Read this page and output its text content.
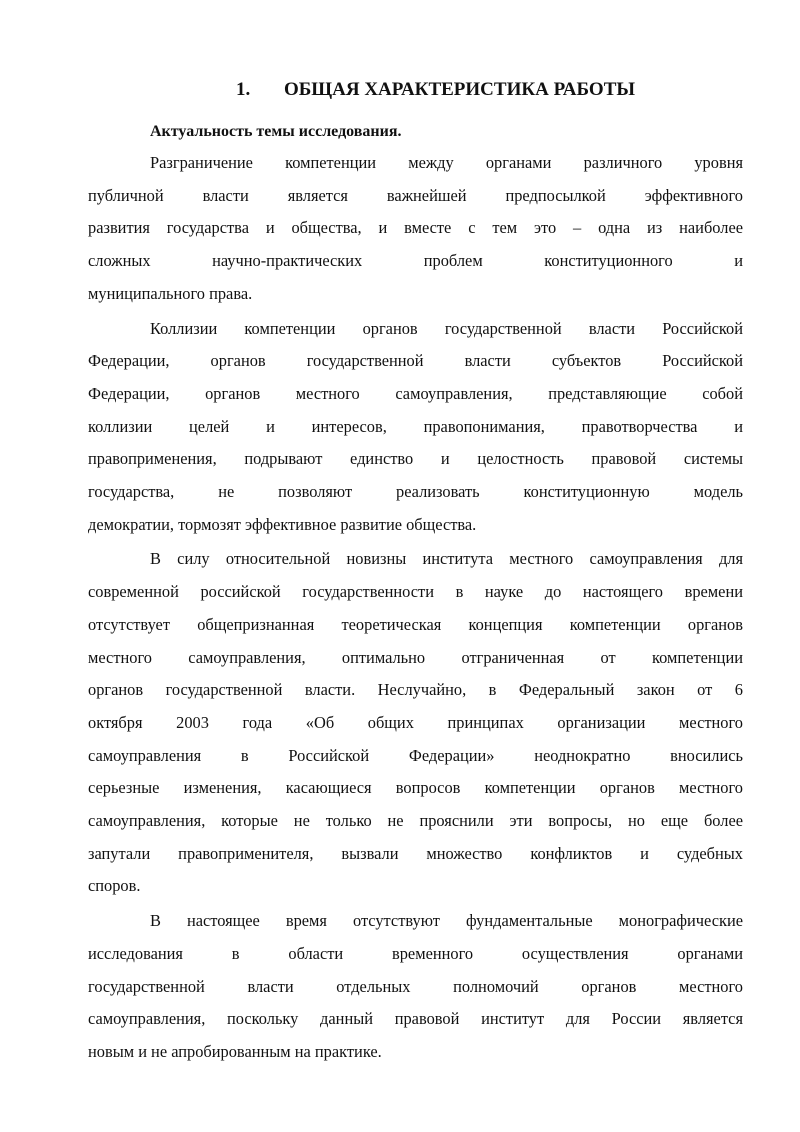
1. ОБЩАЯ ХАРАКТЕРИСТИКА РАБОТЫ

Актуальность темы исследования.

Разграничение компетенции между органами различного уровня
публичной власти является важнейшей предпосылкой эффективного
развития государства и общества, и вместе с тем это – одна из наиболее
сложных научно-практических проблем конституционного и
муниципального права.
Коллизии компетенции органов государственной власти Российской
Федерации, органов государственной власти субъектов Российской
Федерации, органов местного самоуправления, представляющие собой
коллизии целей и интересов, правопонимания, правотворчества и
правоприменения, подрывают единство и целостность правовой системы
государства, не позволяют реализовать конституционную модель
демократии, тормозят эффективное развитие общества.
В силу относительной новизны института местного самоуправления для
современной российской государственности в науке до настоящего времени
отсутствует общепризнанная теоретическая концепция компетенции органов
местного самоуправления, оптимально отграниченная от компетенции
органов государственной власти. Неслучайно, в Федеральный закон от 6
октября 2003 года «Об общих принципах организации местного
самоуправления в Российской Федерации» неоднократно вносились
серьезные изменения, касающиеся вопросов компетенции органов местного
самоуправления, которые не только не прояснили эти вопросы, но еще более
запутали правоприменителя, вызвали множество конфликтов и судебных
споров.
В настоящее время отсутствуют фундаментальные монографические
исследования в области временного осуществления органами
государственной власти отдельных полномочий органов местного
самоуправления, поскольку данный правовой институт для России является
новым и не апробированным на практике.
